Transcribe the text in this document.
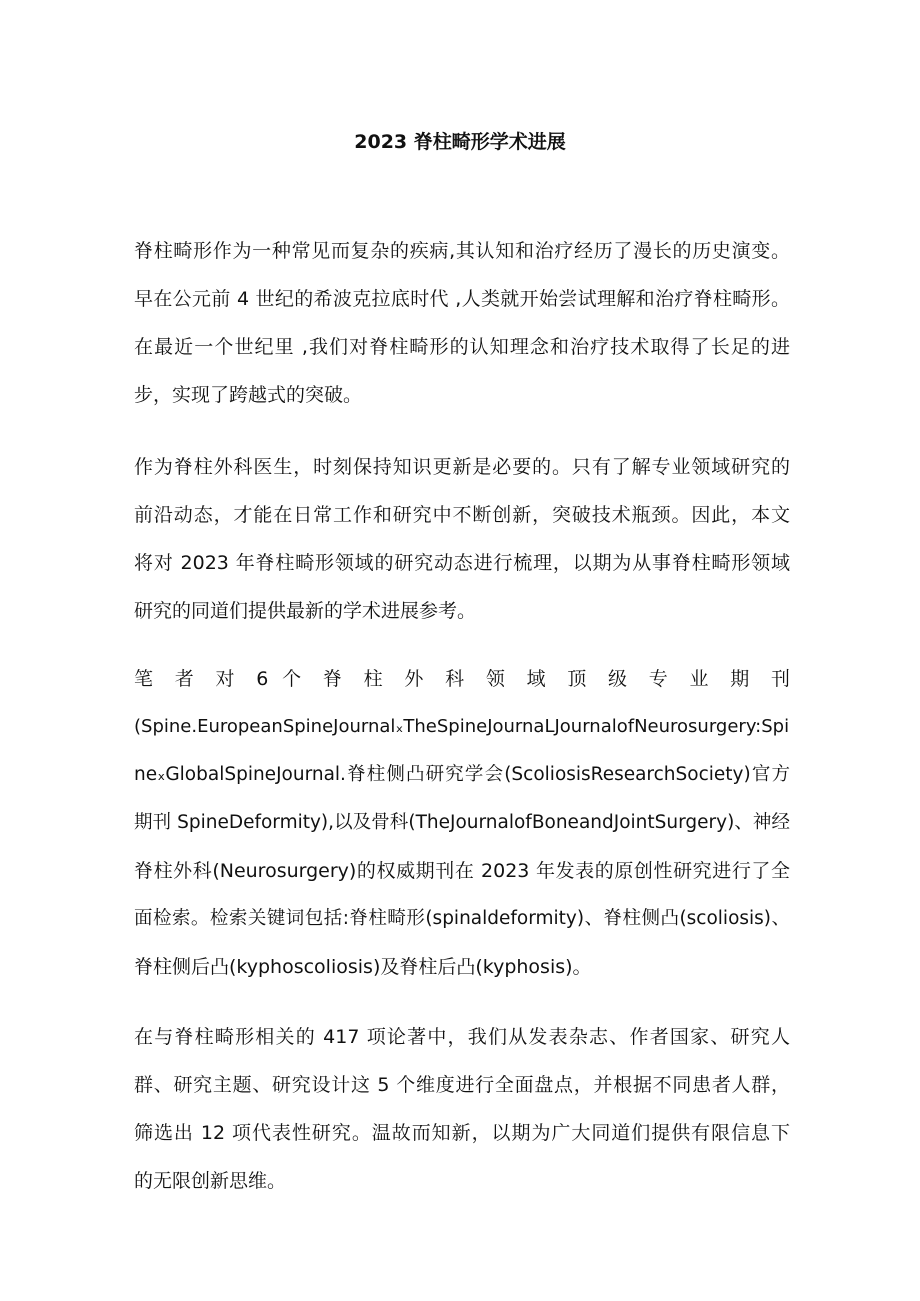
2023 脊柱畸形学术进展
脊柱畸形作为一种常见而复杂的疾病,其认知和治疗经历了漫长的历史演变。
早在公元前 4 世纪的希波克拉底时代 ,人类就开始尝试理解和治疗脊柱畸形。
在最近一个世纪里 ,我们对脊柱畸形的认知理念和治疗技术取得了长足的进
步，实现了跨越式的突破。
作为脊柱外科医生，时刻保持知识更新是必要的。只有了解专业领域研究的
前沿动态，才能在日常工作和研究中不断创新，突破技术瓶颈。因此，本文
将对 2023 年脊柱畸形领域的研究动态进行梳理，以期为从事脊柱畸形领域
研究的同道们提供最新的学术进展参考。
笔 者 对 6 个 脊 柱 外 科 领 域 顶 级 专 业 期 刊
(Spine.EuropeanSpineJournalₓTheSpineJournaLJournalofNeurosurgery:Spi
neₓGlobalSpineJournal.脊柱侧凸研究学会(ScoliosisResearchSociety)官方
期刊 SpineDeformity),以及骨科(TheJournalofBoneandJointSurgery)、神经
脊柱外科(Neurosurgery)的权威期刊在 2023 年发表的原创性研究进行了全
面检索。检索关键词包括:脊柱畸形(spinaldeformity)、脊柱侧凸(scoliosis)、
脊柱侧后凸(kyphoscoliosis)及脊柱后凸(kyphosis)。
在与脊柱畸形相关的 417 项论著中，我们从发表杂志、作者国家、研究人
群、研究主题、研究设计这 5 个维度进行全面盘点，并根据不同患者人群，
筛选出 12 项代表性研究。温故而知新，以期为广大同道们提供有限信息下
的无限创新思维。
